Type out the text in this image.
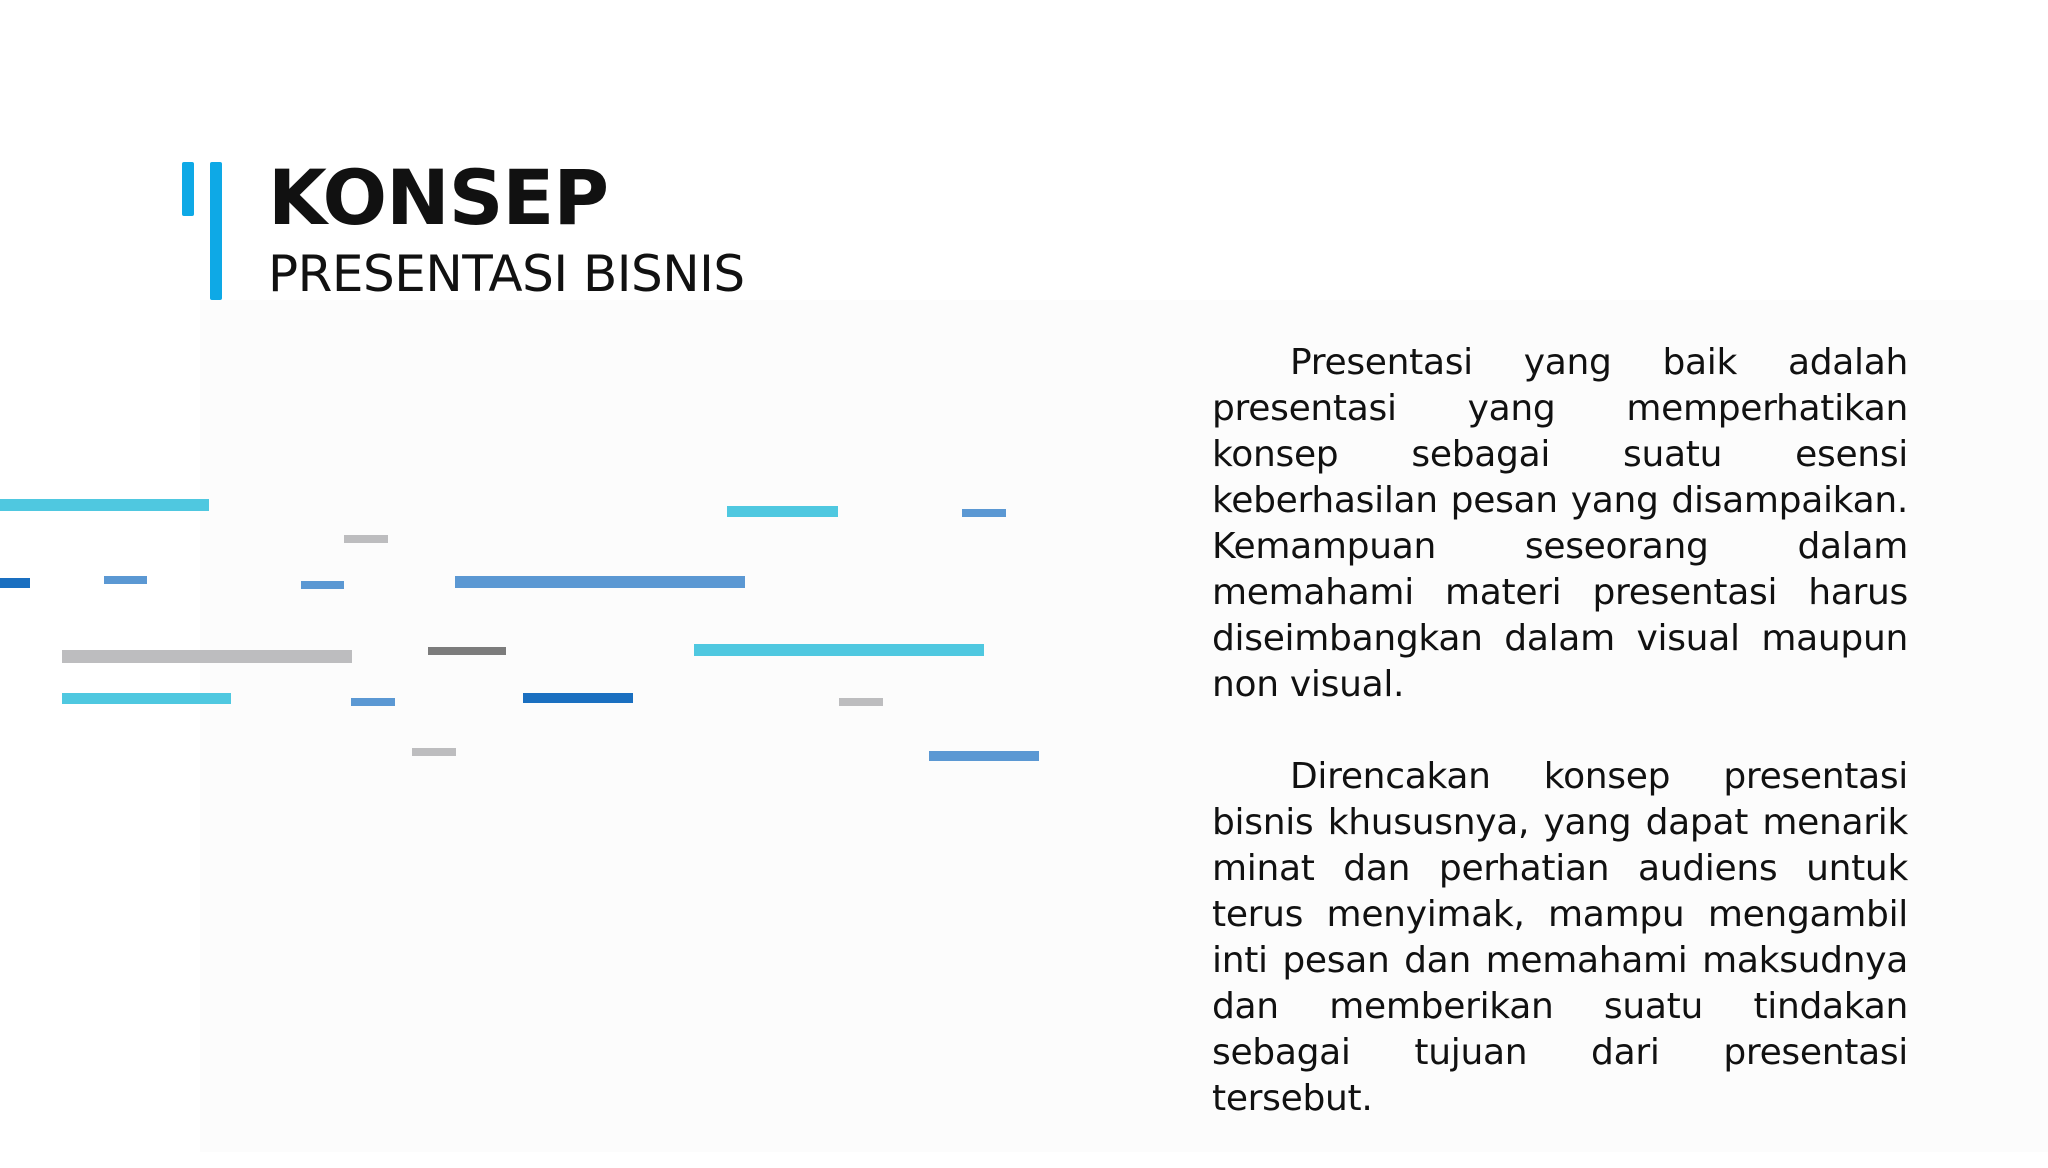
KONSEP
PRESENTASI BISNIS

Presentasi yang baik adalah presentasi yang memperhatikan konsep sebagai suatu esensi keberhasilan pesan yang disampaikan. Kemampuan seseorang dalam memahami materi presentasi harus diseimbangkan dalam visual maupun non visual.

Direncakan konsep presentasi bisnis khususnya, yang dapat menarik minat dan perhatian audiens untuk terus menyimak, mampu mengambil inti pesan dan memahami maksudnya dan memberikan suatu tindakan sebagai tujuan dari presentasi tersebut.
